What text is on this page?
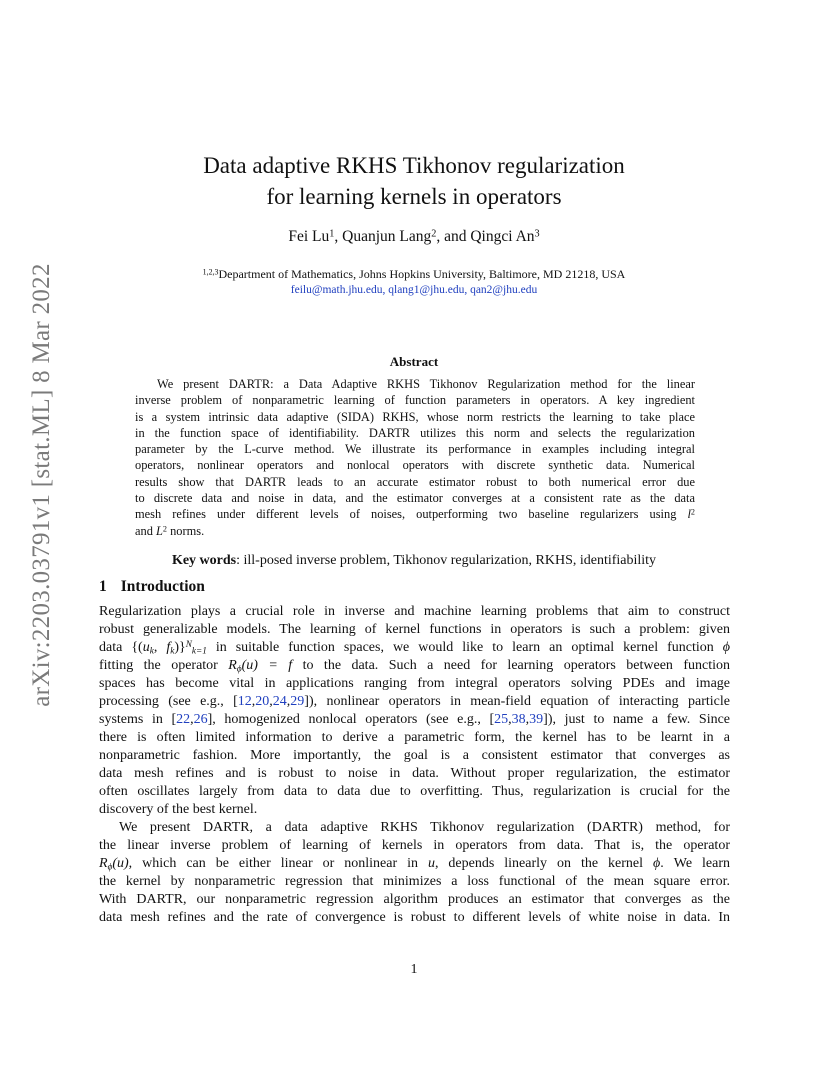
arXiv:2203.03791v1 [stat.ML] 8 Mar 2022
Data adaptive RKHS Tikhonov regularization
for learning kernels in operators
Fei Lu$^1$, Quanjun Lang$^2$, and Qingci An$^3$
$^{1,2,3}$Department of Mathematics, Johns Hopkins University, Baltimore, MD 21218, USA
feilu@math.jhu.edu, qlang1@jhu.edu, qan2@jhu.edu
Abstract
We present DARTR: a Data Adaptive RKHS Tikhonov Regularization method for the linear
inverse problem of nonparametric learning of function parameters in operators. A key ingredient
is a system intrinsic data adaptive (SIDA) RKHS, whose norm restricts the learning to take place
in the function space of identifiability. DARTR utilizes this norm and selects the regularization
parameter by the L-curve method. We illustrate its performance in examples including integral
operators, nonlinear operators and nonlocal operators with discrete synthetic data. Numerical
results show that DARTR leads to an accurate estimator robust to both numerical error due
to discrete data and noise in data, and the estimator converges at a consistent rate as the data
mesh refines under different levels of noises, outperforming two baseline regularizers using $l^2$
and $L^2$ norms.
Key words: ill-posed inverse problem, Tikhonov regularization, RKHS, identifiability
1 Introduction
Regularization plays a crucial role in inverse and machine learning problems that aim to construct
robust generalizable models. The learning of kernel functions in operators is such a problem: given
data {($u_k$, $f_k)\}^N_{k=1}$ in suitable function spaces, we would like to learn an optimal kernel function ϕ
fitting the operator $R_\phi(u) = f$ to the data. Such a need for learning operators between function
spaces has become vital in applications ranging from integral operators solving PDEs and image
processing (see e.g., [12,20,24,29]), nonlinear operators in mean-field equation of interacting particle
systems in [22,26], homogenized nonlocal operators (see e.g., [25,38,39]), just to name a few. Since
there is often limited information to derive a parametric form, the kernel has to be learnt in a
nonparametric fashion. More importantly, the goal is a consistent estimator that converges as
data mesh refines and is robust to noise in data. Without proper regularization, the estimator
often oscillates largely from data to data due to overfitting. Thus, regularization is crucial for the
discovery of the best kernel.
We present DARTR, a data adaptive RKHS Tikhonov regularization (DARTR) method, for
the linear inverse problem of learning of kernels in operators from data. That is, the operator
$R_\phi(u)$, which can be either linear or nonlinear in u, depends linearly on the kernel ϕ. We learn
the kernel by nonparametric regression that minimizes a loss functional of the mean square error.
With DARTR, our nonparametric regression algorithm produces an estimator that converges as the
data mesh refines and the rate of convergence is robust to different levels of white noise in data. In
1
